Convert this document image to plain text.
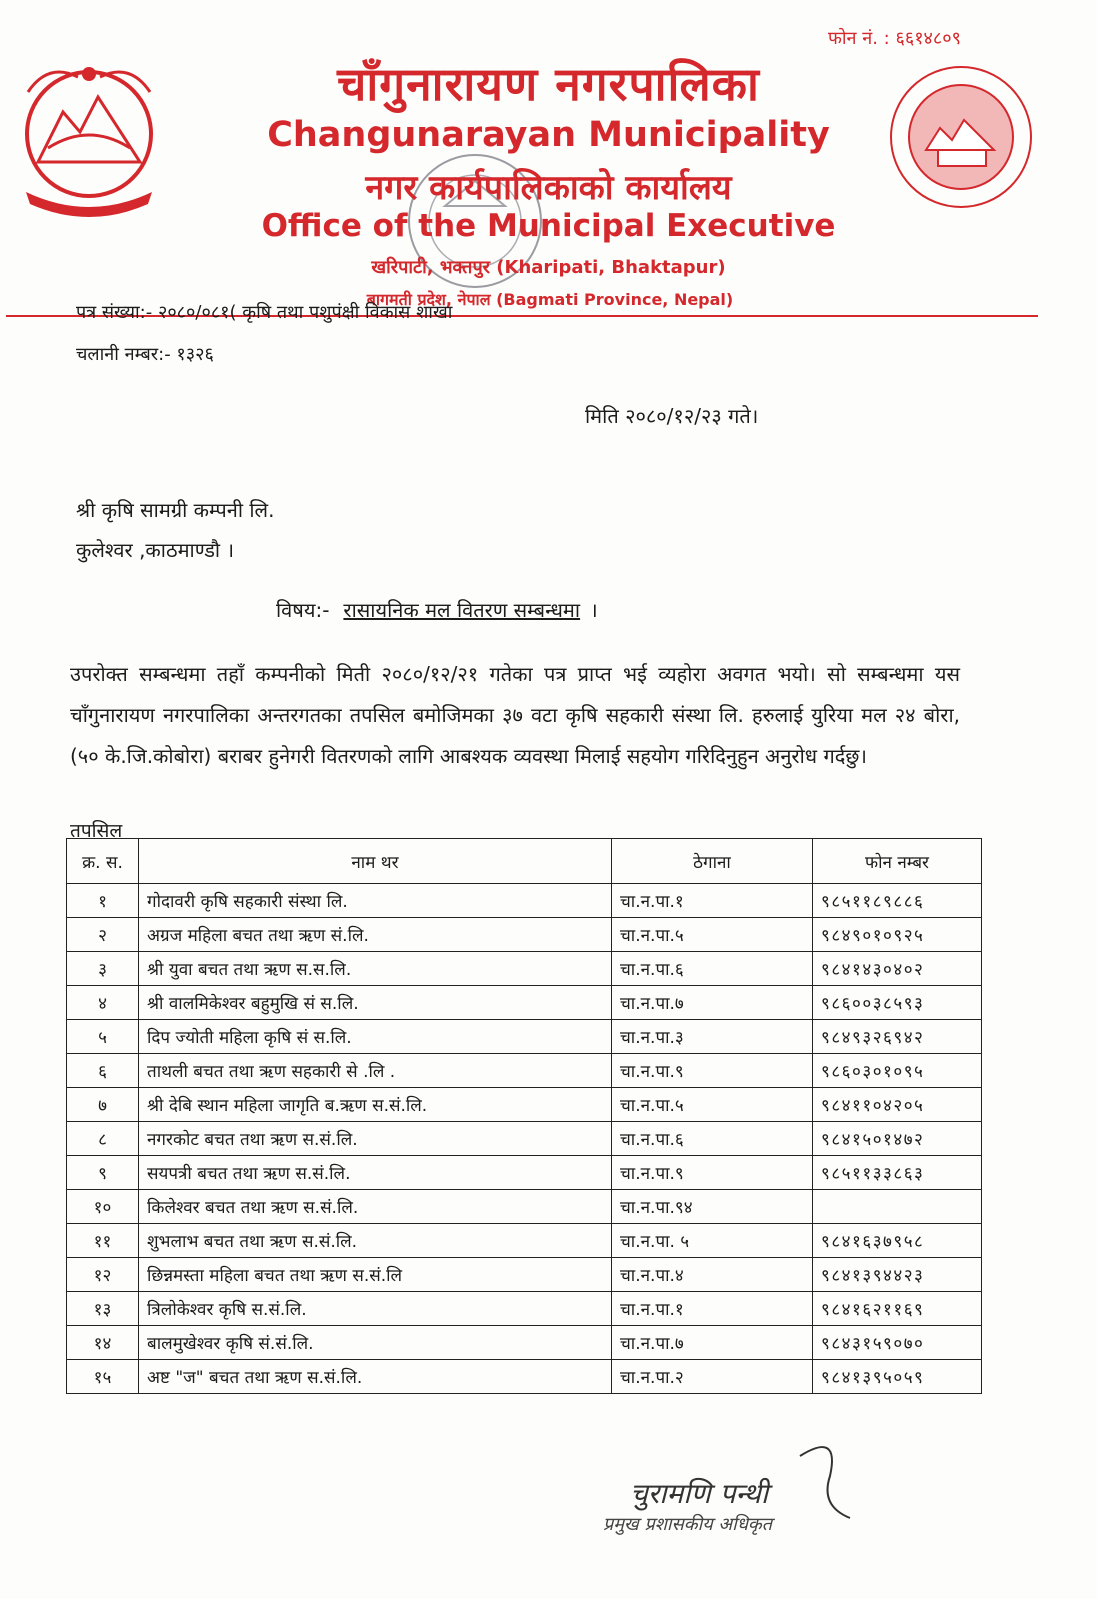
फोन नं. : ६६१४८०९
चाँगुनारायण नगरपालिका
Changunarayan Municipality
नगर कार्यपालिकाको कार्यालय
Office of the Municipal Executive
खरिपाटी, भक्तपुर (Kharipati, Bhaktapur)
बागमती प्रदेश, नेपाल (Bagmati Province, Nepal)
पत्र संख्या:- २०८०/०८१( कृषि तथा पशुपंक्षी विकास शाखा
चलानी नम्बर:- १३२६
मिति २०८०/१२/२३ गते।
श्री कृषि सामग्री कम्पनी लि.
कुलेश्वर ,काठमाण्डौ ।
विषय:- रासायनिक मल वितरण सम्बन्धमा ।
उपरोक्त सम्बन्धमा तहाँ कम्पनीको मिती २०८०/१२/२१ गतेका पत्र प्राप्त भई व्यहोरा अवगत भयो। सो सम्बन्धमा यस चाँगुनारायण नगरपालिका अन्तरगतका तपसिल बमोजिमका ३७ वटा कृषि सहकारी संस्था लि. हरुलाई युरिया मल २४ बोरा, (५० के.जि.कोबोरा) बराबर हुनेगरी वितरणको लागि आबश्यक व्यवस्था मिलाई सहयोग गरिदिनुहुन अनुरोध गर्दछु।
तपसिल
क्र. स.	नाम थर	ठेगाना	फोन नम्बर
१	गोदावरी कृषि सहकारी संस्था लि.	चा.न.पा.१	९८५११८९८८६
२	अग्रज महिला बचत तथा ऋण सं.लि.	चा.न.पा.५	९८४९०१०९२५
३	श्री युवा बचत तथा ऋण स.स.लि.	चा.न.पा.६	९८४१४३०४०२
४	श्री वालमिकेश्वर बहुमुखि सं स.लि.	चा.न.पा.७	९८६००३८५९३
५	दिप ज्योती महिला कृषि सं स.लि.	चा.न.पा.३	९८४९३२६९४२
६	ताथली बचत तथा ऋण सहकारी से .लि .	चा.न.पा.९	९८६०३०१०९५
७	श्री देबि स्थान महिला जागृति ब.ऋण स.सं.लि.	चा.न.पा.५	९८४११०४२०५
८	नगरकोट बचत तथा ऋण स.सं.लि.	चा.न.पा.६	९८४१५०१४७२
९	सयपत्री बचत तथा ऋण स.सं.लि.	चा.न.पा.९	९८५११३३८६३
१०	किलेश्वर बचत तथा ऋण स.सं.लि.	चा.न.पा.९४	
११	शुभलाभ बचत तथा ऋण स.सं.लि.	चा.न.पा. ५	९८४१६३७९५८
१२	छिन्नमस्ता महिला बचत तथा ऋण स.सं.लि	चा.न.पा.४	९८४१३९४४२३
१३	त्रिलोकेश्वर कृषि स.सं.लि.	चा.न.पा.१	९८४१६२११६९
१४	बालमुखेश्वर कृषि सं.सं.लि.	चा.न.पा.७	९८४३१५९०७०
१५	अष्ट "ज" बचत तथा ऋण स.सं.लि.	चा.न.पा.२	९८४१३९५०५९
चुरामणि पन्थी
प्रमुख प्रशासकीय अधिकृत
